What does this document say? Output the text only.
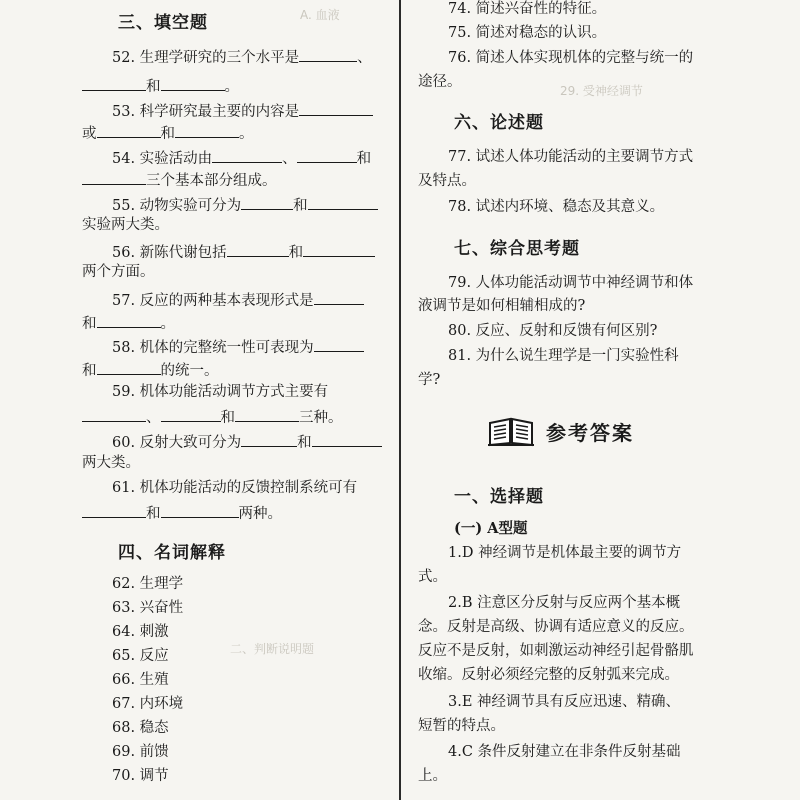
A. 血液
29. 受神经调节
二、判断说明题
三、填空题
52. 生理学研究的三个水平是	、
和	。
53. 科学研究最主要的内容是
或	和	。
54. 实验活动由	、	和
三个基本部分组成。
55. 动物实验可分为	和
实验两大类。
56. 新陈代谢包括	和
两个方面。
57. 反应的两种基本表现形式是
和	。
58. 机体的完整统一性可表现为
和	的统一。
59. 机体功能活动调节方式主要有
、	和	三种。
60. 反射大致可分为	和
两大类。
61. 机体功能活动的反馈控制系统可有
和	两种。
四、名词解释
62. 生理学
63. 兴奋性
64. 刺激
65. 反应
66. 生殖
67. 内环境
68. 稳态
69. 前馈
70. 调节
74. 简述兴奋性的特征。
75. 简述对稳态的认识。
76. 简述人体实现机体的完整与统一的
途径。
六、论述题
77. 试述人体功能活动的主要调节方式
及特点。
78. 试述内环境、稳态及其意义。
七、综合思考题
79. 人体功能活动调节中神经调节和体
液调节是如何相辅相成的?
80. 反应、反射和反馈有何区别?
81. 为什么说生理学是一门实验性科
学?
参考答案
一、选择题
(一) A型题
1.D 神经调节是机体最主要的调节方
式。
2.B 注意区分反射与反应两个基本概
念。反射是高级、协调有适应意义的反应。
反应不是反射，如刺激运动神经引起骨骼肌
收缩。反射必须经完整的反射弧来完成。
3.E 神经调节具有反应迅速、精确、
短暂的特点。
4.C 条件反射建立在非条件反射基础
上。
